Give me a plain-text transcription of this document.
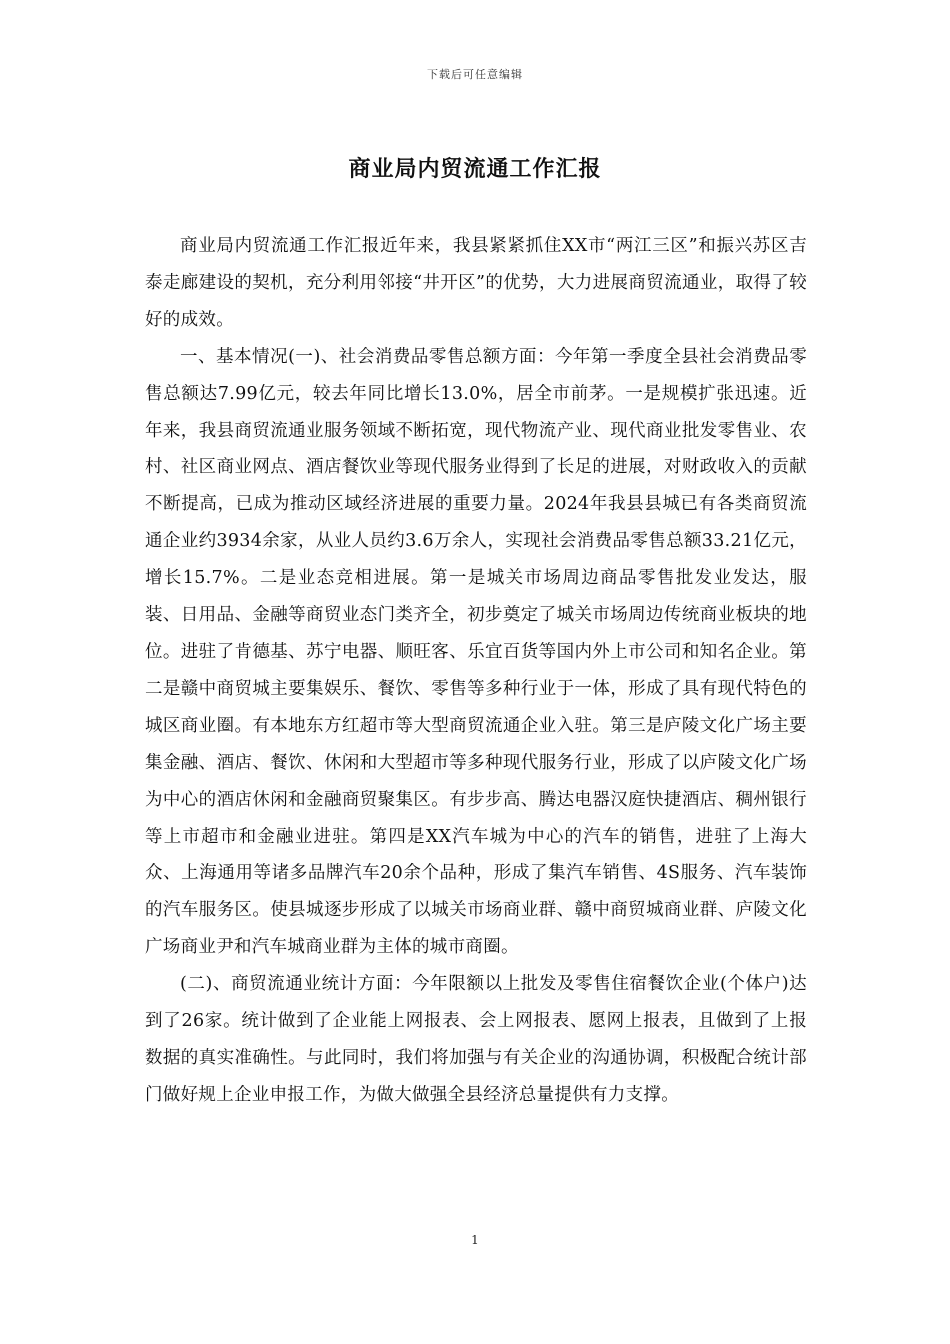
下载后可任意编辑
商业局内贸流通工作汇报

商业局内贸流通工作汇报近年来，我县紧紧抓住XX市“两江三区”和振兴苏区吉泰走廊建设的契机，充分利用邻接“井开区”的优势，大力进展商贸流通业，取得了较好的成效。

一、基本情况(一)、社会消费品零售总额方面：今年第一季度全县社会消费品零售总额达7.99亿元，较去年同比增长13.0%，居全市前茅。一是规模扩张迅速。近年来，我县商贸流通业服务领域不断拓宽，现代物流产业、现代商业批发零售业、农村、社区商业网点、酒店餐饮业等现代服务业得到了长足的进展，对财政收入的贡献不断提高，已成为推动区域经济进展的重要力量。2024年我县县城已有各类商贸流通企业约3934余家，从业人员约3.6万余人，实现社会消费品零售总额33.21亿元，增长15.7%。二是业态竞相进展。第一是城关市场周边商品零售批发业发达，服装、日用品、金融等商贸业态门类齐全，初步奠定了城关市场周边传统商业板块的地位。进驻了肯德基、苏宁电器、顺旺客、乐宜百货等国内外上市公司和知名企业。第二是赣中商贸城主要集娱乐、餐饮、零售等多种行业于一体，形成了具有现代特色的城区商业圈。有本地东方红超市等大型商贸流通企业入驻。第三是庐陵文化广场主要集金融、酒店、餐饮、休闲和大型超市等多种现代服务行业，形成了以庐陵文化广场为中心的酒店休闲和金融商贸聚集区。有步步高、腾达电器汉庭快捷酒店、稠州银行等上市超市和金融业进驻。第四是XX汽车城为中心的汽车的销售，进驻了上海大众、上海通用等诸多品牌汽车20余个品种，形成了集汽车销售、4S服务、汽车装饰的汽车服务区。使县城逐步形成了以城关市场商业群、赣中商贸城商业群、庐陵文化广场商业尹和汽车城商业群为主体的城市商圈。

(二)、商贸流通业统计方面：今年限额以上批发及零售住宿餐饮企业(个体户)达到了26家。统计做到了企业能上网报表、会上网报表、愿网上报表，且做到了上报数据的真实准确性。与此同时，我们将加强与有关企业的沟通协调，积极配合统计部门做好规上企业申报工作，为做大做强全县经济总量提供有力支撑。

1
